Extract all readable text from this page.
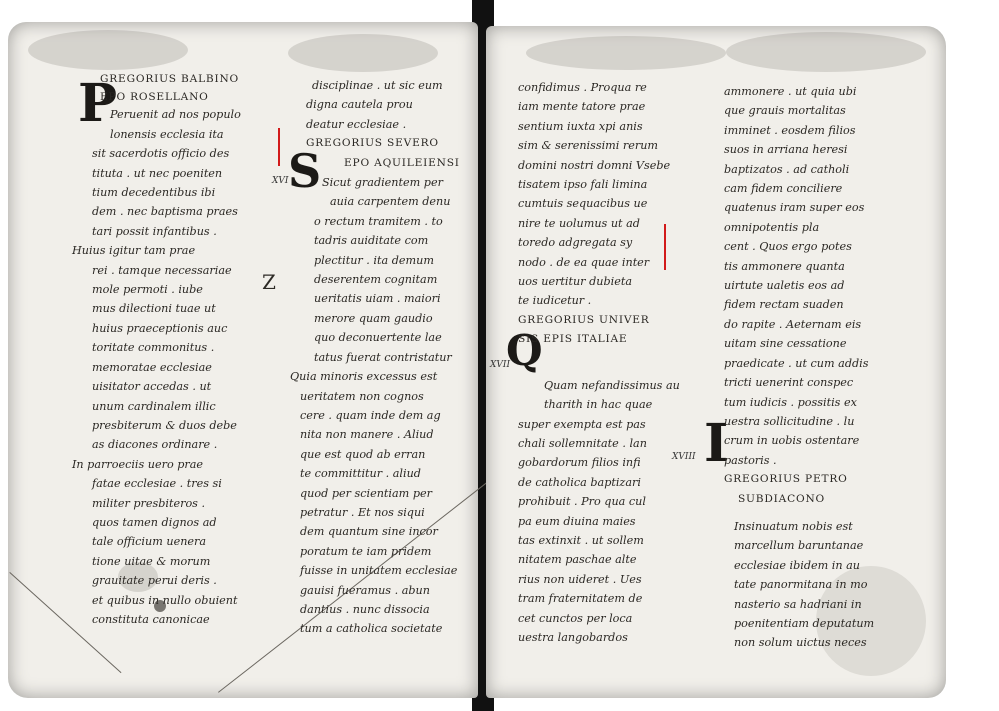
P
XVI S
Z
GREGORIUS BALBINO
EPO ROSELLANO
Peruenit ad nos populo
lonensis ecclesia ita
sit sacerdotis officio des
tituta . ut nec poeniten
tium decedentibus ibi
dem . nec baptisma praes
tari possit infantibus .
Huius igitur tam prae
rei . tamque necessariae
mole permoti . iube
mus dilectioni tuae ut
huius praeceptionis auc
toritate commonitus .
memoratae ecclesiae
uisitator accedas . ut
unum cardinalem illic
presbiterum & duos debe
as diacones ordinare .
In parroeciis uero prae
fatae ecclesiae . tres si
militer presbiteros .
quos tamen dignos ad
tale officium uenera
tione uitae & morum
grauitate perui deris .
et quibus in nullo obuient
constituta canonicae
disciplinae . ut sic eum
digna cautela prou
deatur ecclesiae .
GREGORIUS SEVERO
EPO AQUILEIENSI
Sicut gradientem per
auia carpentem denu
o rectum tramitem . to
tadris auiditate com
plectitur . ita demum
deserentem cognitam
ueritatis uiam . maiori
merore quam gaudio
quo deconuertente lae
tatus fuerat contristatur
Quia minoris excessus est
ueritatem non cognos
cere . quam inde dem ag
nita non manere . Aliud
que est quod ab erran
te committitur . aliud
quod per scientiam per
petratur . Et nos siqui
dem quantum sine incor
poratum te iam pridem
fuisse in unitatem ecclesiae
gauisi fueramus . abun
dantius . nunc dissocia
tum a catholica societate
Q
XVII
XVIII I
confidimus . Proqua re
iam mente tatore prae
sentium iuxta xpi anis
sim & serenissimi rerum
domini nostri domni Vsebe
tisatem ipso fali limina
cumtuis sequacibus ue
nire te uolumus ut ad
toredo adgregata sy
nodo . de ea quae inter
uos uertitur dubieta
te iudicetur .
GREGORIUS UNIVER
SIS EPIS ITALIAE
Quam nefandissimus au
tharith in hac quae
super exempta est pas
chali sollemnitate . lan
gobardorum filios infi
de catholica baptizari
prohibuit . Pro qua cul
pa eum diuina maies
tas extinxit . ut sollem
nitatem paschae alte
rius non uideret . Ues
tram fraternitatem de
cet cunctos per loca
uestra langobardos
ammonere . ut quia ubi
que grauis mortalitas
imminet . eosdem filios
suos in arriana heresi
baptizatos . ad catholi
cam fidem conciliere
quatenus iram super eos
omnipotentis pla
cent . Quos ergo potes
tis ammonere quanta
uirtute ualetis eos ad
fidem rectam suaden
do rapite . Aeternam eis
uitam sine cessatione
praedicate . ut cum addis
tricti uenerint conspec
tum iudicis . possitis ex
uestra sollicitudine . lu
crum in uobis ostentare
pastoris .
GREGORIUS PETRO
SUBDIACONO
Insinuatum nobis est
marcellum baruntanae
ecclesiae ibidem in au
tate panormitana in mo
nasterio sa hadriani in
poenitentiam deputatum
non solum uictus neces
